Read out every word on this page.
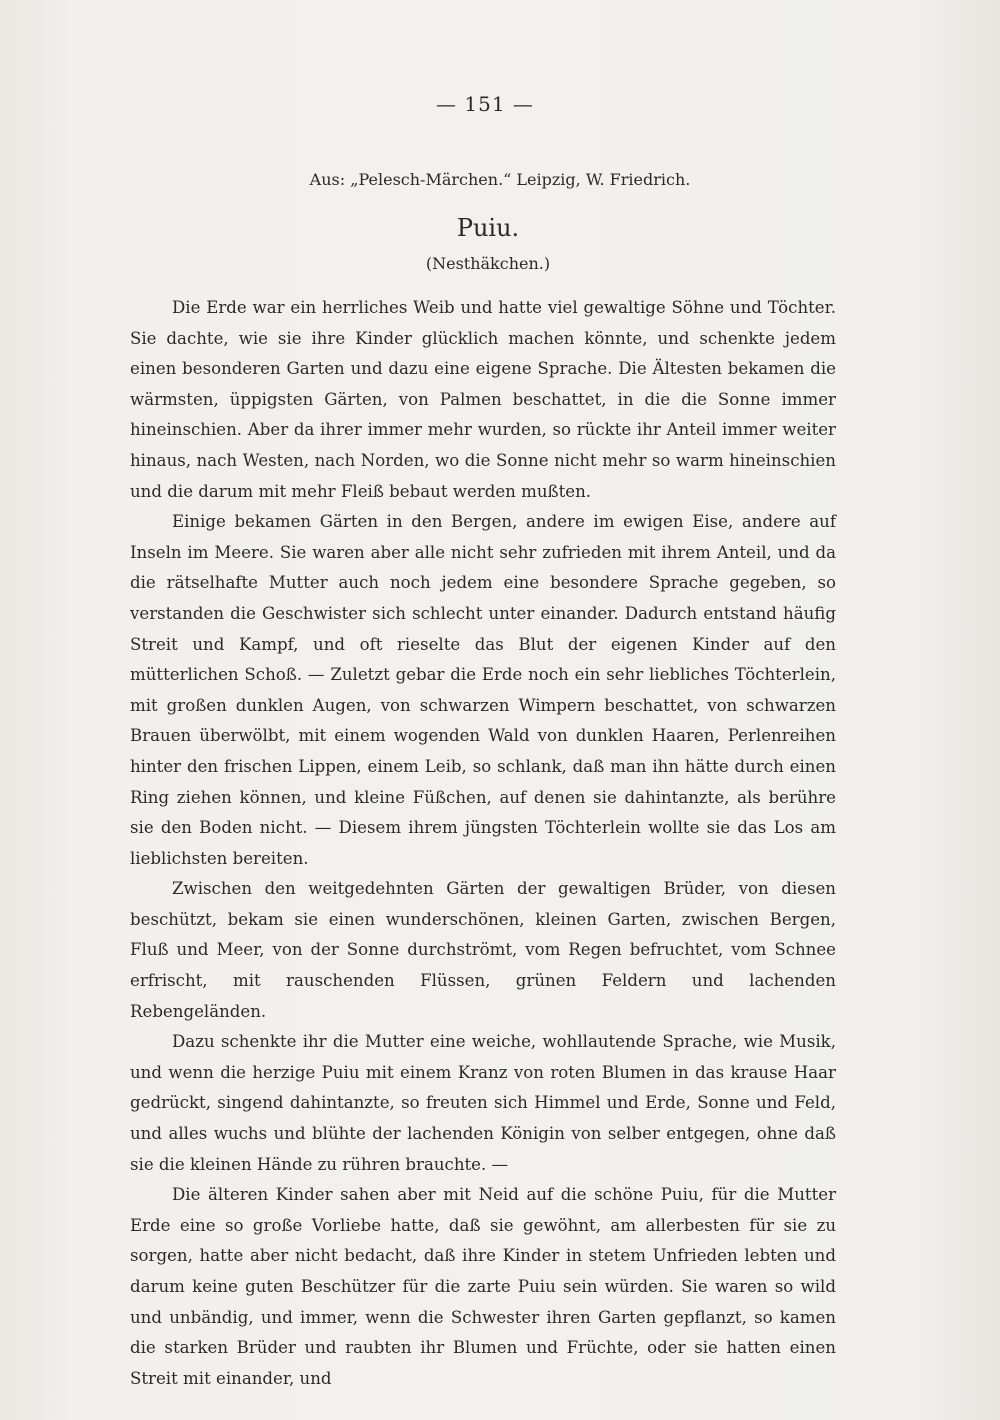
— 151 —
Aus: „Pelesch-Märchen.“ Leipzig, W. Friedrich.
Puiu.
(Nesthäkchen.)

Die Erde war ein herrliches Weib und hatte viel gewaltige Söhne und Töchter. Sie dachte, wie sie ihre Kinder glücklich machen könnte, und schenkte jedem einen besonderen Garten und dazu eine eigene Sprache. Die Ältesten bekamen die wärmsten, üppigsten Gärten, von Palmen beschattet, in die die Sonne immer hineinschien. Aber da ihrer immer mehr wurden, so rückte ihr Anteil immer weiter hinaus, nach Westen, nach Norden, wo die Sonne nicht mehr so warm hineinschien und die darum mit mehr Fleiß bebaut werden mußten.

Einige bekamen Gärten in den Bergen, andere im ewigen Eise, andere auf Inseln im Meere. Sie waren aber alle nicht sehr zufrieden mit ihrem Anteil, und da die rätselhafte Mutter auch noch jedem eine besondere Sprache gegeben, so verstanden die Geschwister sich schlecht unter einander. Dadurch entstand häufig Streit und Kampf, und oft rieselte das Blut der eigenen Kinder auf den mütterlichen Schoß. — Zuletzt gebar die Erde noch ein sehr liebliches Töchterlein, mit großen dunklen Augen, von schwarzen Wimpern beschattet, von schwarzen Brauen überwölbt, mit einem wogenden Wald von dunklen Haaren, Perlenreihen hinter den frischen Lippen, einem Leib, so schlank, daß man ihn hätte durch einen Ring ziehen können, und kleine Füßchen, auf denen sie dahintanzte, als berühre sie den Boden nicht. — Diesem ihrem jüngsten Töchterlein wollte sie das Los am lieblichsten bereiten.

Zwischen den weitgedehnten Gärten der gewaltigen Brüder, von diesen beschützt, bekam sie einen wunderschönen, kleinen Garten, zwischen Bergen, Fluß und Meer, von der Sonne durchströmt, vom Regen befruchtet, vom Schnee erfrischt, mit rauschenden Flüssen, grünen Feldern und lachenden Rebengeländen.

Dazu schenkte ihr die Mutter eine weiche, wohllautende Sprache, wie Musik, und wenn die herzige Puiu mit einem Kranz von roten Blumen in das krause Haar gedrückt, singend dahintanzte, so freuten sich Himmel und Erde, Sonne und Feld, und alles wuchs und blühte der lachenden Königin von selber entgegen, ohne daß sie die kleinen Hände zu rühren brauchte. —

Die älteren Kinder sahen aber mit Neid auf die schöne Puiu, für die Mutter Erde eine so große Vorliebe hatte, daß sie gewöhnt, am allerbesten für sie zu sorgen, hatte aber nicht bedacht, daß ihre Kinder in stetem Unfrieden lebten und darum keine guten Beschützer für die zarte Puiu sein würden. Sie waren so wild und unbändig, und immer, wenn die Schwester ihren Garten gepflanzt, so kamen die starken Brüder und raubten ihr Blumen und Früchte, oder sie hatten einen Streit mit einander, und
